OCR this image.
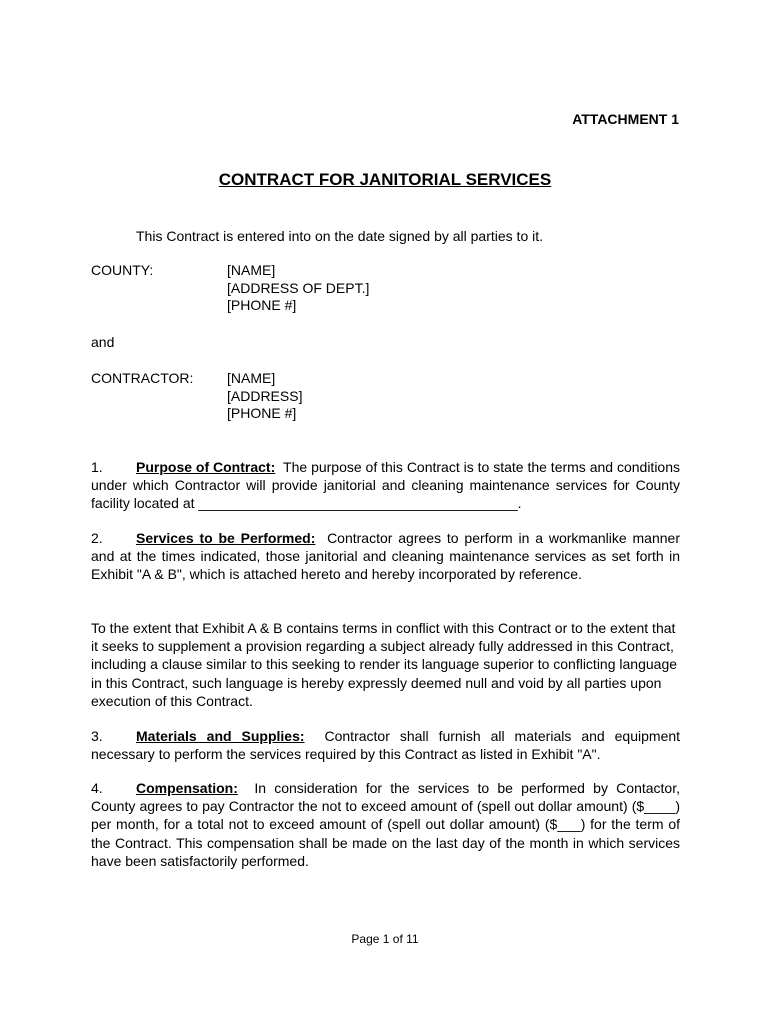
ATTACHMENT 1
CONTRACT FOR JANITORIAL SERVICES
This Contract is entered into on the date signed by all parties to it.
COUNTY:	[NAME]
[ADDRESS OF DEPT.]
[PHONE #]
and
CONTRACTOR: [NAME]
[ADDRESS]
[PHONE #]
1. Purpose of Contract: The purpose of this Contract is to state the terms and conditions under which Contractor will provide janitorial and cleaning maintenance services for County facility located at _________________________________________.
2. Services to be Performed: Contractor agrees to perform in a workmanlike manner and at the times indicated, those janitorial and cleaning maintenance services as set forth in Exhibit "A & B", which is attached hereto and hereby incorporated by reference.
To the extent that Exhibit A & B contains terms in conflict with this Contract or to the extent that it seeks to supplement a provision regarding a subject already fully addressed in this Contract, including a clause similar to this seeking to render its language superior to conflicting language in this Contract, such language is hereby expressly deemed null and void by all parties upon execution of this Contract.
3. Materials and Supplies: Contractor shall furnish all materials and equipment necessary to perform the services required by this Contract as listed in Exhibit "A".
4. Compensation: In consideration for the services to be performed by Contactor, County agrees to pay Contractor the not to exceed amount of (spell out dollar amount) ($____) per month, for a total not to exceed amount of (spell out dollar amount) ($___) for the term of the Contract. This compensation shall be made on the last day of the month in which services have been satisfactorily performed.
Page 1 of 11
